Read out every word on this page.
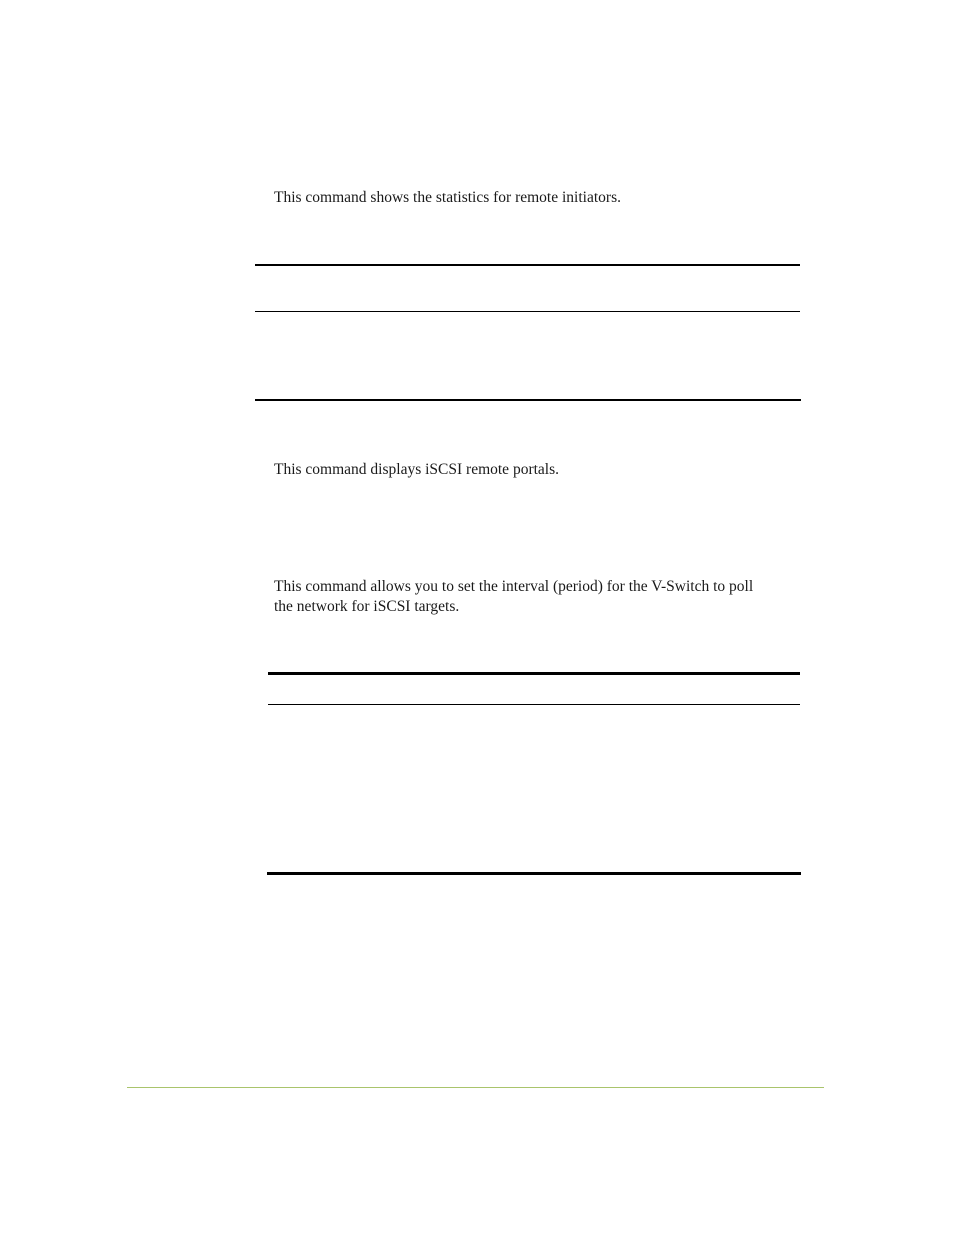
This command shows the statistics for remote initiators.

This command displays iSCSI remote portals.

This command allows you to set the interval (period) for the V-Switch to poll
the network for iSCSI targets.
